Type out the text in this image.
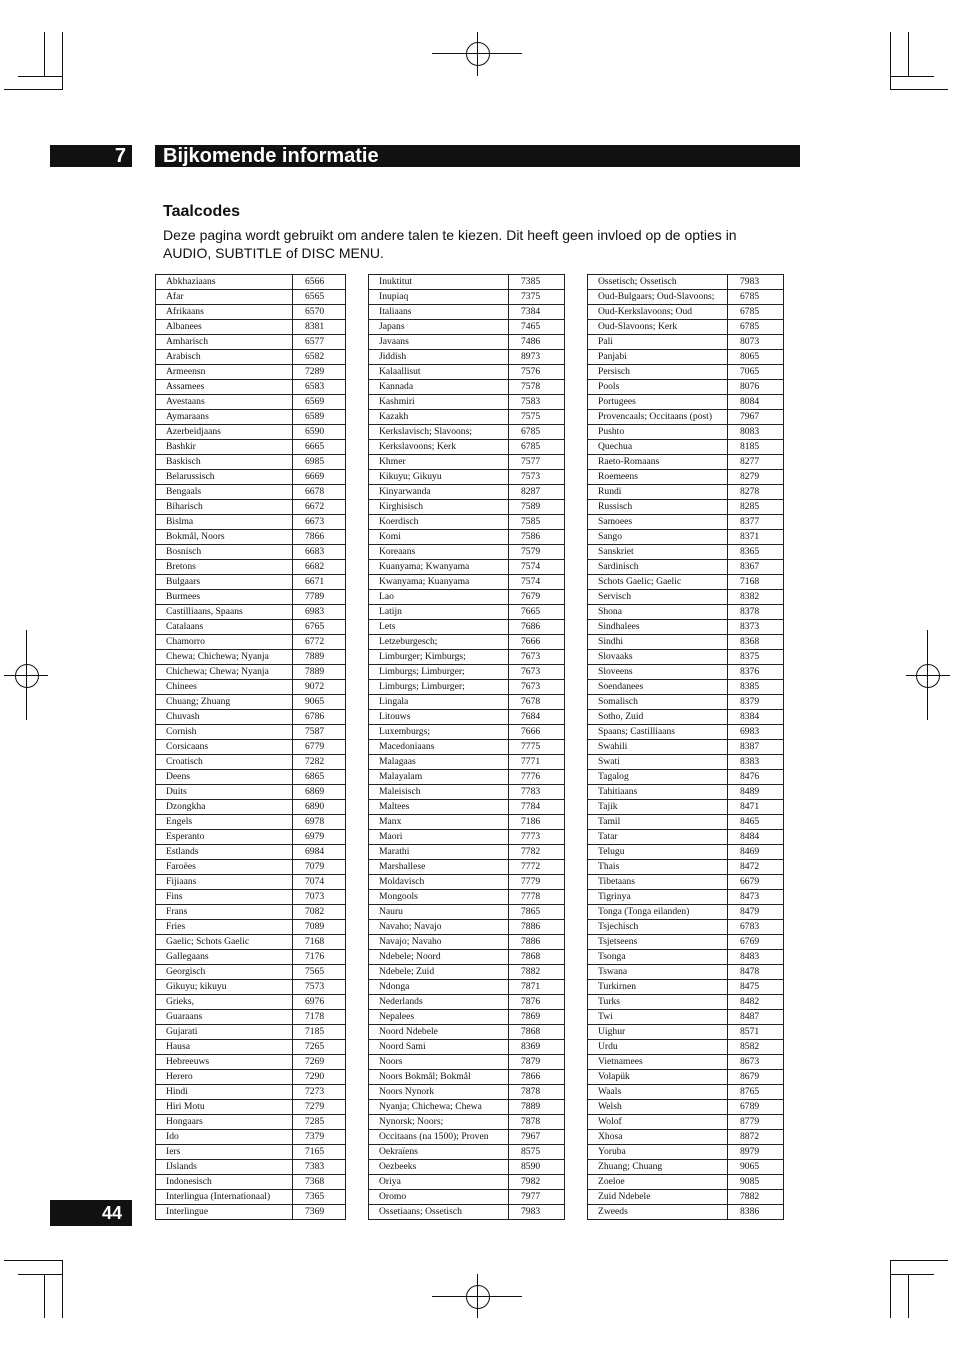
7	Bijkomende informatie
Taalcodes
Deze pagina wordt gebruikt om andere talen te kiezen. Dit heeft geen invloed op de opties in AUDIO, SUBTITLE of DISC MENU.
Abkhaziaans	6566
Afar	6565
Afrikaans	6570
Albanees	8381
Amharisch	6577
Arabisch	6582
Armeensn	7289
Assamees	6583
Avestaans	6569
Aymaraans	6589
Azerbeidjaans	6590
Bashkir	6665
Baskisch	6985
Belarussisch	6669
Bengaals	6678
Biharisch	6672
Bislma	6673
Bokmål, Noors	7866
Bosnisch	6683
Bretons	6682
Bulgaars	6671
Burmees	7789
Castilliaans, Spaans	6983
Catalaans	6765
Chamorro	6772
Chewa; Chichewa; Nyanja	7889
Chichewa; Chewa; Nyanja	7889
Chinees	9072
Chuang; Zhuang	9065
Chuvash	6786
Cornish	7587
Corsicaans	6779
Croatisch	7282
Deens	6865
Duits	6869
Dzongkha	6890
Engels	6978
Esperanto	6979
Estlands	6984
Faroëes	7079
Fijiaans	7074
Fins	7073
Frans	7082
Fries	7089
Gaelic; Schots Gaelic	7168
Gallegaans	7176
Georgisch	7565
Gikuyu; kikuyu	7573
Grieks,	6976
Guaraans	7178
Gujarati	7185
Hausa	7265
Hebreeuws	7269
Herero	7290
Hindi	7273
Hiri Motu	7279
Hongaars	7285
Ido	7379
Iers	7165
IJslands	7383
Indonesisch	7368
Interlingua (Internationaal)	7365
Interlingue	7369
Inuktitut	7385
Inupiaq	7375
Italiaans	7384
Japans	7465
Javaans	7486
Jiddish	8973
Kalaallisut	7576
Kannada	7578
Kashmiri	7583
Kazakh	7575
Kerkslavisch; Slavoons;	6785
Kerkslavoons; Kerk	6785
Khmer	7577
Kikuyu; Gikuyu	7573
Kinyarwanda	8287
Kirghisisch	7589
Koerdisch	7585
Komi	7586
Koreaans	7579
Kuanyama; Kwanyama	7574
Kwanyama; Kuanyama	7574
Lao	7679
Latijn	7665
Lets	7686
Letzeburgesch;	7666
Limburger; Kimburgs;	7673
Limburgs; Limburger;	7673
Limburgs; Limburger;	7673
Lingala	7678
Litouws	7684
Luxemburgs;	7666
Macedoniaans	7775
Malagaas	7771
Malayalam	7776
Maleisisch	7783
Maltees	7784
Manx	7186
Maori	7773
Marathi	7782
Marshallese	7772
Moldavisch	7779
Mongools	7778
Nauru	7865
Navaho; Navajo	7886
Navajo; Navaho	7886
Ndebele; Noord	7868
Ndebele; Zuid	7882
Ndonga	7871
Nederlands	7876
Nepalees	7869
Noord Ndebele	7868
Noord Sami	8369
Noors	7879
Noors Bokmål; Bokmål	7866
Noors Nynork	7878
Nyanja; Chichewa; Chewa	7889
Nynorsk; Noors;	7878
Occitaans (na 1500); Proven	7967
Oekraïens	8575
Oezbeeks	8590
Oriya	7982
Oromo	7977
Ossetiaans; Ossetisch	7983
Ossetisch; Ossetisch	7983
Oud-Bulgaars; Oud-Slavoons;	6785
Oud-Kerkslavoons; Oud	6785
Oud-Slavoons; Kerk	6785
Pali	8073
Panjabi	8065
Persisch	7065
Pools	8076
Portugees	8084
Provencaals; Occitaans (post)	7967
Pushto	8083
Quechua	8185
Raeto-Romaans	8277
Roemeens	8279
Rundi	8278
Russisch	8285
Samoees	8377
Sango	8371
Sanskriet	8365
Sardinisch	8367
Schots Gaelic; Gaelic	7168
Servisch	8382
Shona	8378
Sindhalees	8373
Sindhi	8368
Slovaaks	8375
Sloveens	8376
Soendanees	8385
Somalisch	8379
Sotho, Zuid	8384
Spaans; Castilliaans	6983
Swahili	8387
Swati	8383
Tagalog	8476
Tahitiaans	8489
Tajik	8471
Tamil	8465
Tatar	8484
Telugu	8469
Thais	8472
Tibetaans	6679
Tigrinya	8473
Tonga (Tonga eilanden)	8479
Tsjechisch	6783
Tsjetseens	6769
Tsonga	8483
Tswana	8478
Turkirnen	8475
Turks	8482
Twi	8487
Uighur	8571
Urdu	8582
Vietnamees	8673
Volapük	8679
Waals	8765
Welsh	6789
Wolof	8779
Xhosa	8872
Yoruba	8979
Zhuang; Chuang	9065
Zoeloe	9085
Zuid Ndebele	7882
Zweeds	8386
44
